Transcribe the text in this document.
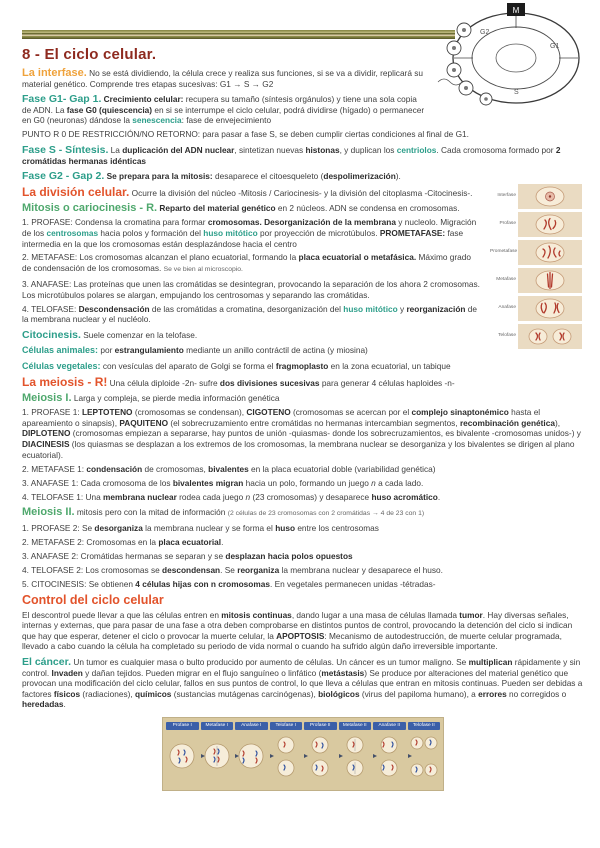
M
G1
S
G2
8 - El ciclo celular.

La interfase. No se está dividiendo, la célula crece y realiza sus funciones, si se va a dividir, replicará su material genético. Comprende tres etapas sucesivas: G1 → S → G2

Fase G1- Gap 1. Crecimiento celular: recupera su tamaño (síntesis orgánulos) y tiene una sola copia de ADN. La fase G0 (quiescencia) en si se interrumpe el ciclo celular, podrá dividirse (hígado) o permanecer en G0 (neuronas) dándose la senescencia: fase de envejecimiento

PUNTO R 0 DE RESTRICCIÓN/NO RETORNO: para pasar a fase S, se deben cumplir ciertas condiciones al final de G1.

Fase S - Síntesis. La duplicación del ADN nuclear, sintetizan nuevas histonas, y duplican los centriolos. Cada cromosoma formado por 2 cromátidas hermanas idénticas

Fase G2 - Gap 2. Se prepara para la mitosis: desaparece el citoesqueleto (despolimerización).

Interfase
Profase
Prometafase
Metafase
Anafase
Telofase

La división celular. Ocurre la división del núcleo -Mitosis / Cariocinesis- y la división del citoplasma -Citocinesis-.

Mitosis o cariocinesis - R. Reparto del material genético en 2 núcleos. ADN se condensa en cromosomas.

1. PROFASE: Condensa la cromatina para formar cromosomas. Desorganización de la membrana y nucleolo. Migración de los centrosomas hacia polos y formación del huso mitótico por proyección de microtúbulos. PROMETAFASE: fase intermedia en la que los cromosomas están desplazándose hacia el centro

2. METAFASE: Los cromosomas alcanzan el plano ecuatorial, formando la placa ecuatorial o metafásica. Máximo grado de condensación de los cromosomas. Se ve bien al microscopio.

3. ANAFASE: Las proteínas que unen las cromátidas se desintegran, provocando la separación de los ahora 2 cromosomas. Los microtúbulos polares se alargan, empujando los centrosomas y separando las cromátidas.

4. TELOFASE: Descondensación de las cromátidas a cromatina, desorganización del huso mitótico y reorganización de la membrana nuclear y el nucléolo.

Citocinesis. Suele comenzar en la telofase.

Células animales: por estrangulamiento mediante un anillo contráctil de actina (y miosina)

Células vegetales: con vesículas del aparato de Golgi se forma el fragmoplasto en la zona ecuatorial, un tabique

La meiosis - R! Una célula diploide -2n- sufre dos divisiones sucesivas para generar 4 células haploides -n-

Meiosis I. Larga y compleja, se pierde media información genética

1. PROFASE 1: LEPTOTENO (cromosomas se condensan), CIGOTENO (cromosomas se acercan por el complejo sinaptonémico hasta el apareamiento o sinapsis), PAQUITENO (el sobrecruzamiento entre cromátidas no hermanas intercambian segmentos, recombinación genética), DIPLOTENO (cromosomas empiezan a separarse, hay puntos de unión -quiasmas- donde los sobrecruzamientos, es bivalente -cromosomas unidos-) y DIACINESIS (los quiasmas se desplazan a los extremos de los cromosomas, la membrana nuclear se desorganiza y los bivalentes se dirigen al plano ecuatorial).

2. METAFASE 1: condensación de cromosomas, bivalentes en la placa ecuatorial doble (variabilidad genética)

3. ANAFASE 1: Cada cromosoma de los bivalentes migran hacia un polo, formando un juego n a cada lado.

4. TELOFASE 1: Una membrana nuclear rodea cada juego n (23 cromosomas) y desaparece huso acromático.

Meiosis II. mitosis pero con la mitad de información (2 células de 23 cromosomas con 2 cromátidas → 4 de 23 con 1)

1. PROFASE 2: Se desorganiza la membrana nuclear y se forma el huso entre los centrosomas

2. METAFASE 2: Cromosomas en la placa ecuatorial.

3. ANAFASE 2: Cromátidas hermanas se separan y se desplazan hacia polos opuestos

4. TELOFASE 2: Los cromosomas se descondensan. Se reorganiza la membrana nuclear y desaparece el huso.

5. CITOCINESIS: Se obtienen 4 células hijas con n cromosomas. En vegetales permanecen unidas -tétradas-

Control del ciclo celular

El descontrol puede llevar a que las células entren en mitosis continuas, dando lugar a una masa de células llamada tumor. Hay diversas señales, internas y externas, que para pasar de una fase a otra deben comprobarse en distintos puntos de control, provocando la detención del ciclo si indican que hay que esperar, detener el ciclo o provocar la muerte celular, la APOPTOSIS: Mecanismo de autodestrucción, de muerte celular programada, llevado a cabo cuando la célula ha completado su periodo de vida normal o cuando ha sufrido algún daño irreversible importante.

El cáncer. Un tumor es cualquier masa o bulto producido por aumento de células. Un cáncer es un tumor maligno. Se multiplican rápidamente y sin control. Invaden y dañan tejidos. Pueden migrar en el flujo sanguíneo o linfático (metástasis) Se produce por alteraciones del material genético que provocan una modificación del ciclo celular, fallos en sus puntos de control, lo que lleva a células que entran en mitosis continuas. Pueden ser debidas a factores físicos (radiaciones), químicos (sustancias mutágenas carcinógenas), biológicos (virus del papiloma humano), a errores no corregidos o heredadas.

Profase I	Metafase I	Anafase I	Telofase I	Profase II	Metafase II	Anafase II	Telofase II
